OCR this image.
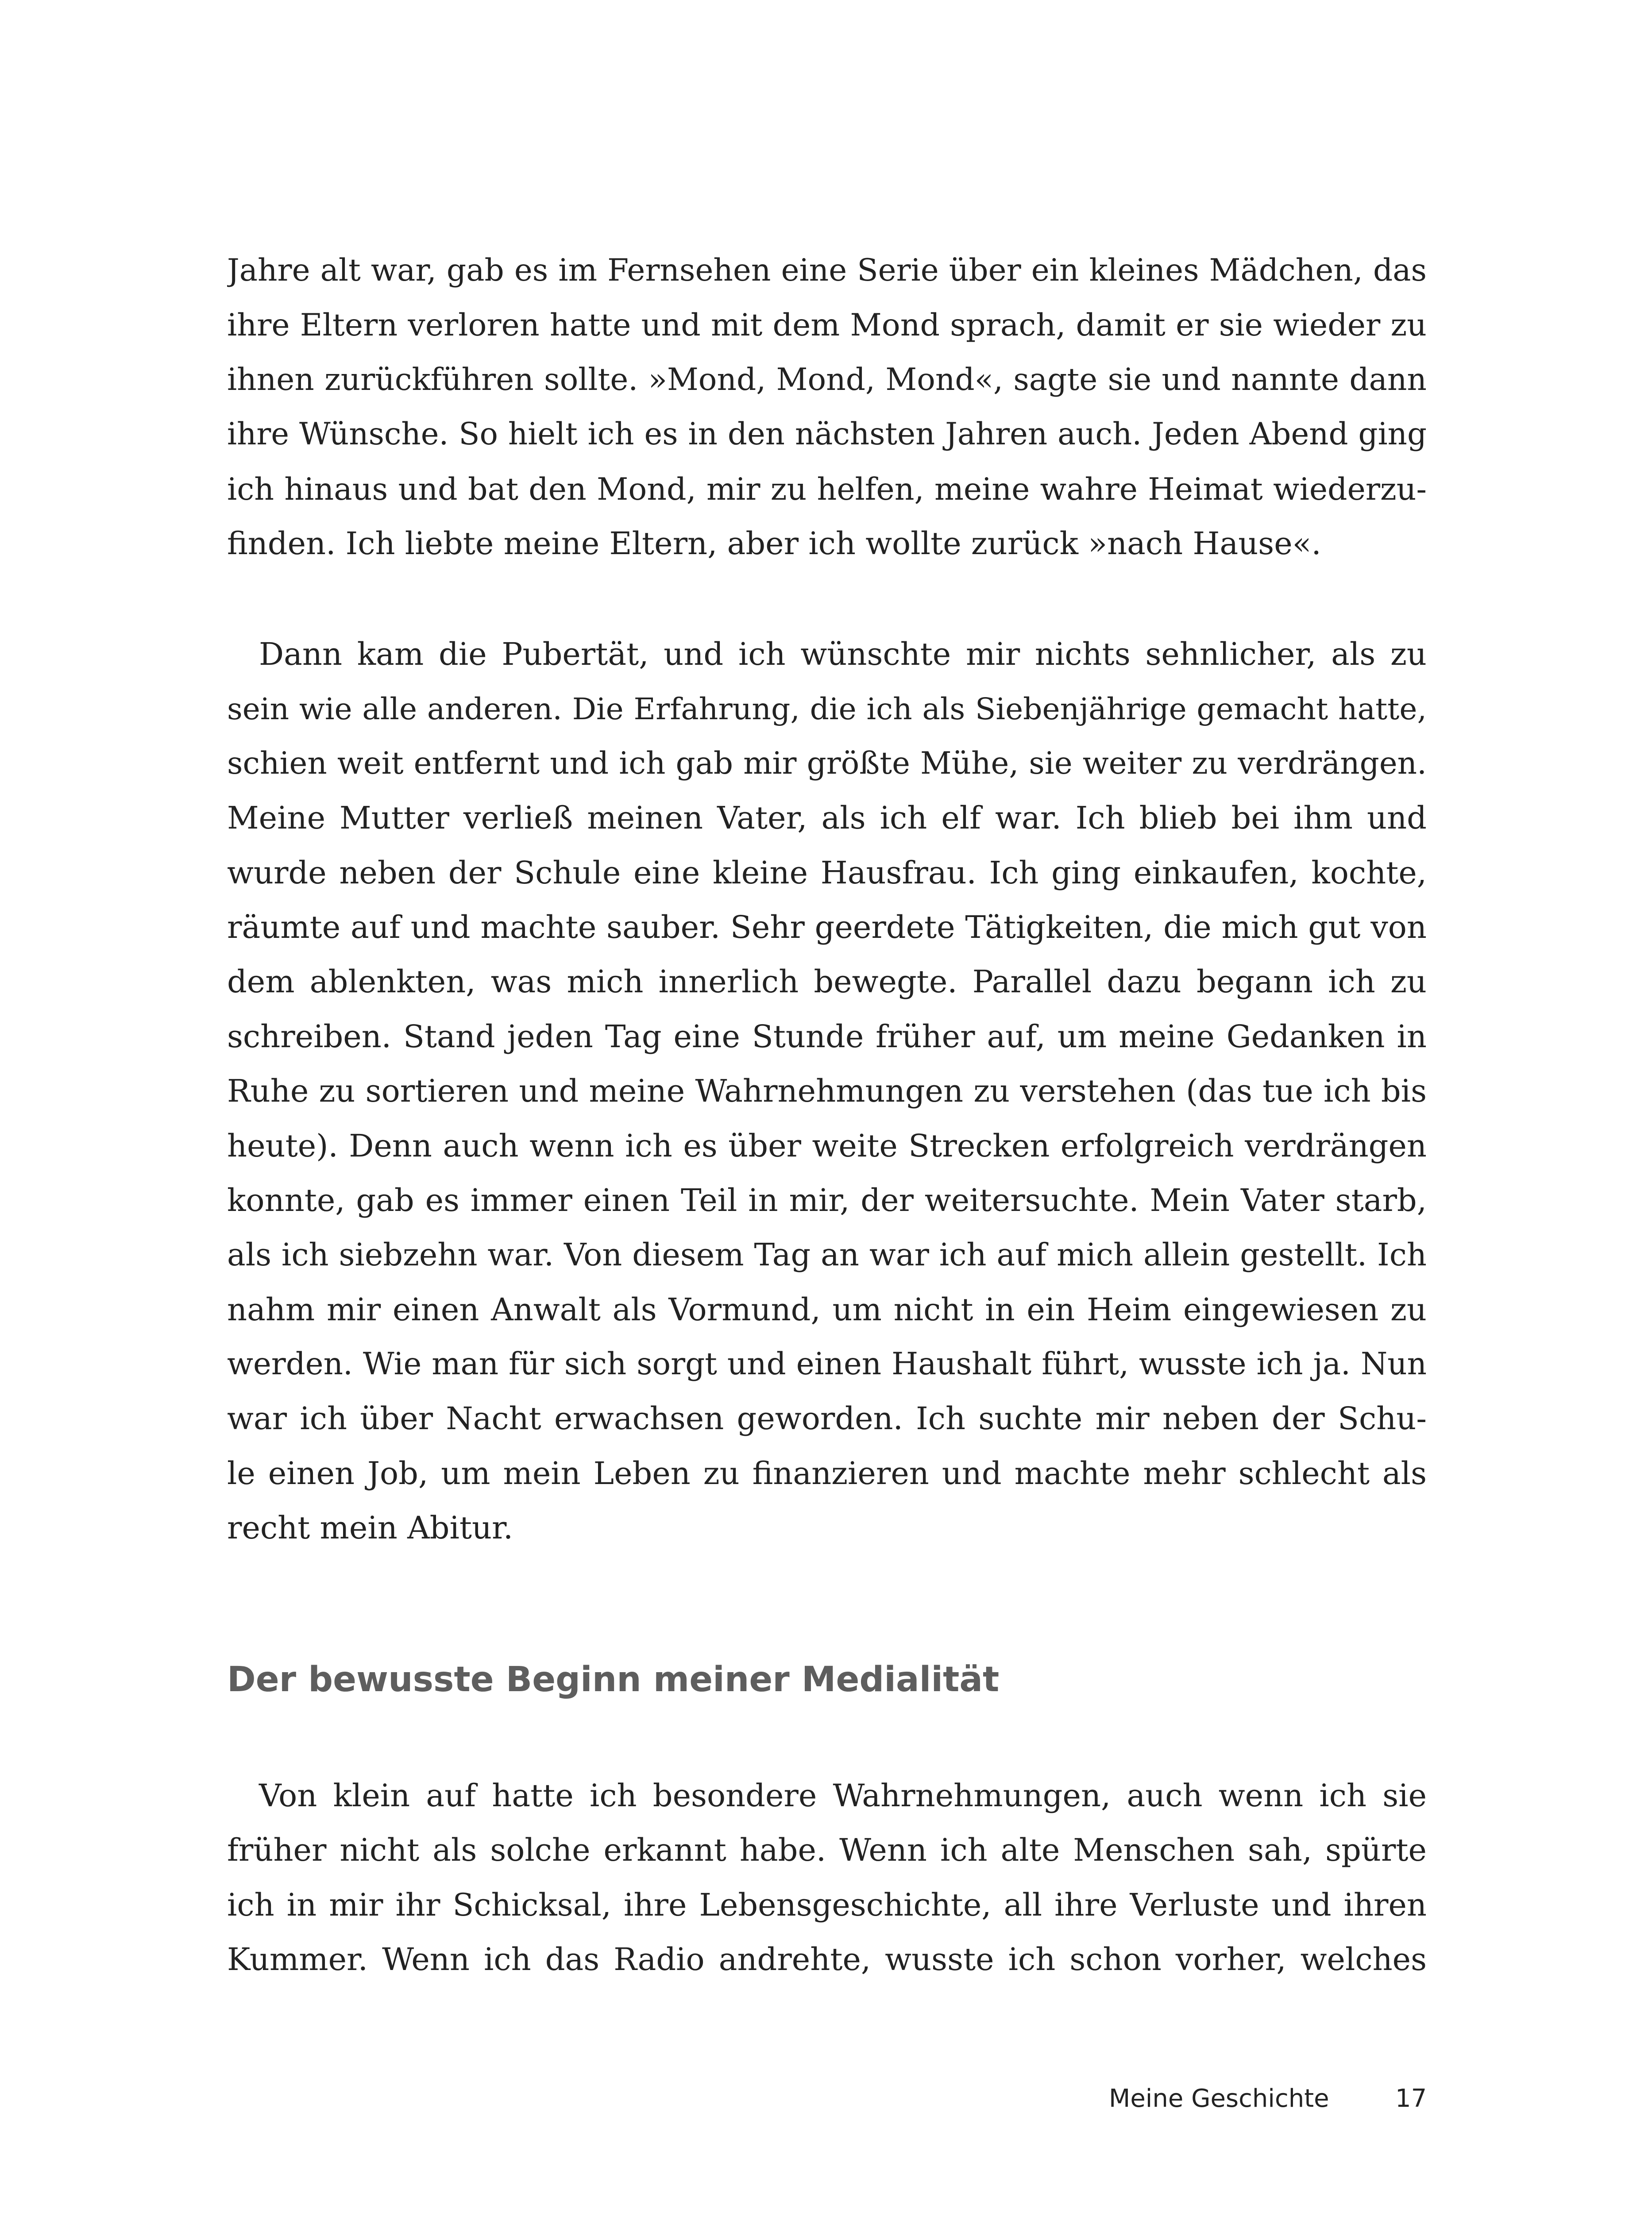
Jahre alt war, gab es im Fernsehen eine Serie über ein kleines Mädchen, das
ihre Eltern verloren hatte und mit dem Mond sprach, damit er sie wieder zu
ihnen zurückführen sollte. »Mond, Mond, Mond«, sagte sie und nannte dann
ihre Wünsche. So hielt ich es in den nächsten Jahren auch. Jeden Abend ging
ich hinaus und bat den Mond, mir zu helfen, meine wahre Heimat wiederzu-
finden. Ich liebte meine Eltern, aber ich wollte zurück »nach Hause«.
Dann kam die Pubertät, und ich wünschte mir nichts sehnlicher, als zu
sein wie alle anderen. Die Erfahrung, die ich als Siebenjährige gemacht hatte,
schien weit entfernt und ich gab mir größte Mühe, sie weiter zu verdrängen.
Meine Mutter verließ meinen Vater, als ich elf war. Ich blieb bei ihm und
wurde neben der Schule eine kleine Hausfrau. Ich ging einkaufen, kochte,
räumte auf und machte sauber. Sehr geerdete Tätigkeiten, die mich gut von
dem ablenkten, was mich innerlich bewegte. Parallel dazu begann ich zu
schreiben. Stand jeden Tag eine Stunde früher auf, um meine Gedanken in
Ruhe zu sortieren und meine Wahrnehmungen zu verstehen (das tue ich bis
heute). Denn auch wenn ich es über weite Strecken erfolgreich verdrängen
konnte, gab es immer einen Teil in mir, der weitersuchte. Mein Vater starb,
als ich siebzehn war. Von diesem Tag an war ich auf mich allein gestellt. Ich
nahm mir einen Anwalt als Vormund, um nicht in ein Heim eingewiesen zu
werden. Wie man für sich sorgt und einen Haushalt führt, wusste ich ja. Nun
war ich über Nacht erwachsen geworden. Ich suchte mir neben der Schu-
le einen Job, um mein Leben zu finanzieren und machte mehr schlecht als
recht mein Abitur.
Der bewusste Beginn meiner Medialität
Von klein auf hatte ich besondere Wahrnehmungen, auch wenn ich sie
früher nicht als solche erkannt habe. Wenn ich alte Menschen sah, spürte
ich in mir ihr Schicksal, ihre Lebensgeschichte, all ihre Verluste und ihren
Kummer. Wenn ich das Radio andrehte, wusste ich schon vorher, welches
Meine Geschichte	17
